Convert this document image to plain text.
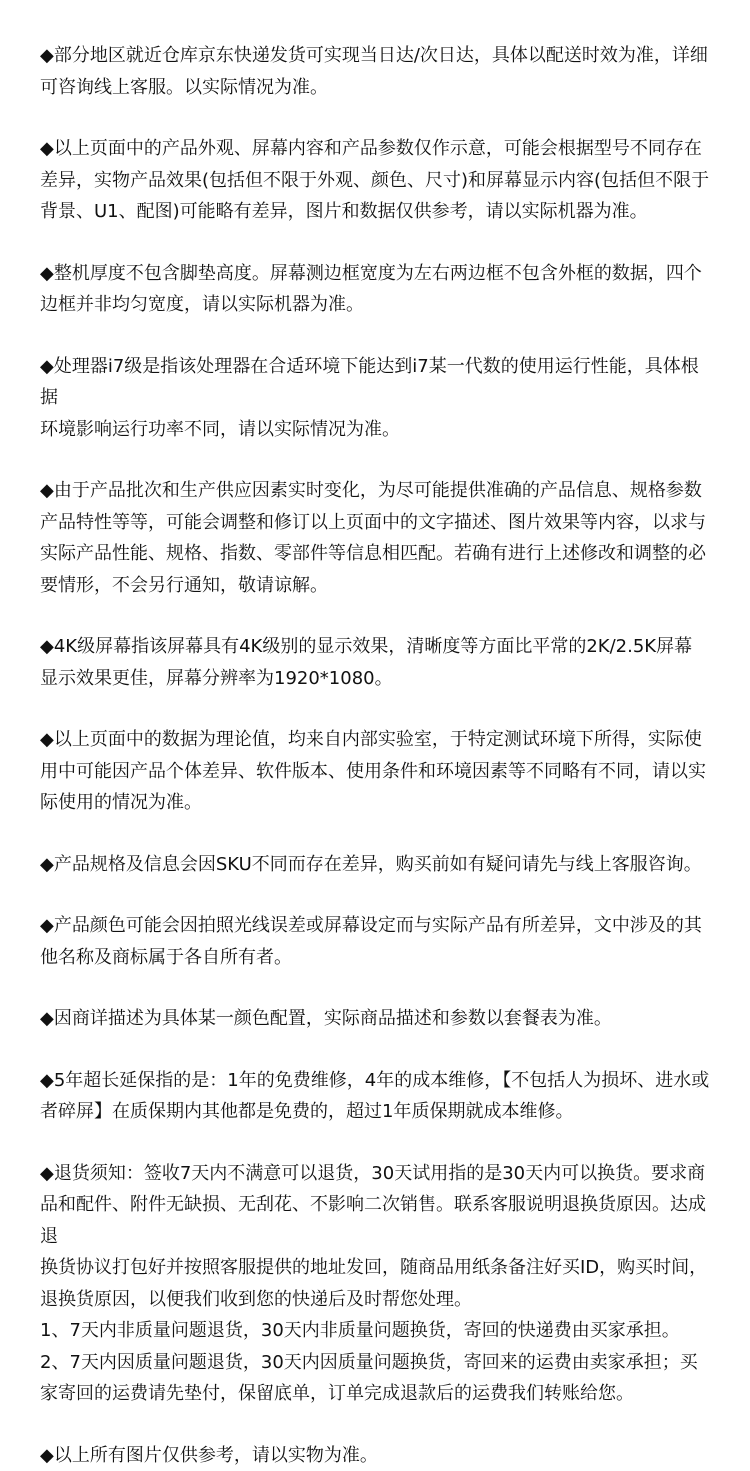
◆部分地区就近仓库京东快递发货可实现当日达/次日达，具体以配送时效为准，详细
可咨询线上客服。以实际情况为准。
◆以上页面中的产品外观、屏幕内容和产品参数仅作示意，可能会根据型号不同存在
差异，实物产品效果(包括但不限于外观、颜色、尺寸)和屏幕显示内容(包括但不限于
背景、U1、配图)可能略有差异，图片和数据仅供参考，请以实际机器为准。
◆整机厚度不包含脚垫高度。屏幕测边框宽度为左右两边框不包含外框的数据，四个
边框并非均匀宽度，请以实际机器为准。
◆处理器i7级是指该处理器在合适环境下能达到i7某一代数的使用运行性能，具体根据
环境影响运行功率不同，请以实际情况为准。
◆由于产品批次和生产供应因素实时变化，为尽可能提供准确的产品信息、规格参数
产品特性等等，可能会调整和修订以上页面中的文字描述、图片效果等内容，以求与
实际产品性能、规格、指数、零部件等信息相匹配。若确有进行上述修改和调整的必
要情形，不会另行通知，敬请谅解。
◆4K级屏幕指该屏幕具有4K级别的显示效果，清晰度等方面比平常的2K/2.5K屏幕
显示效果更佳，屏幕分辨率为1920*1080。
◆以上页面中的数据为理论值，均来自内部实验室，于特定测试环境下所得，实际使
用中可能因产品个体差异、软件版本、使用条件和环境因素等不同略有不同，请以实
际使用的情况为准。
◆产品规格及信息会因SKU不同而存在差异，购买前如有疑问请先与线上客服咨询。
◆产品颜色可能会因拍照光线误差或屏幕设定而与实际产品有所差异，文中涉及的其
他名称及商标属于各自所有者。
◆因商详描述为具体某一颜色配置，实际商品描述和参数以套餐表为准。
◆5年超长延保指的是：1年的免费维修，4年的成本维修，【不包括人为损坏、进水或
者碎屏】在质保期内其他都是免费的，超过1年质保期就成本维修。
◆退货须知：签收7天内不满意可以退货，30天试用指的是30天内可以换货。要求商
品和配件、附件无缺损、无刮花、不影响二次销售。联系客服说明退换货原因。达成退
换货协议打包好并按照客服提供的地址发回，随商品用纸条备注好买ID，购买时间，
退换货原因，以便我们收到您的快递后及时帮您处理。
1、7天内非质量问题退货，30天内非质量问题换货，寄回的快递费由买家承担。
2、7天内因质量问题退货，30天内因质量问题换货，寄回来的运费由卖家承担；买
家寄回的运费请先垫付，保留底单，订单完成退款后的运费我们转账给您。
◆以上所有图片仅供参考，请以实物为准。
